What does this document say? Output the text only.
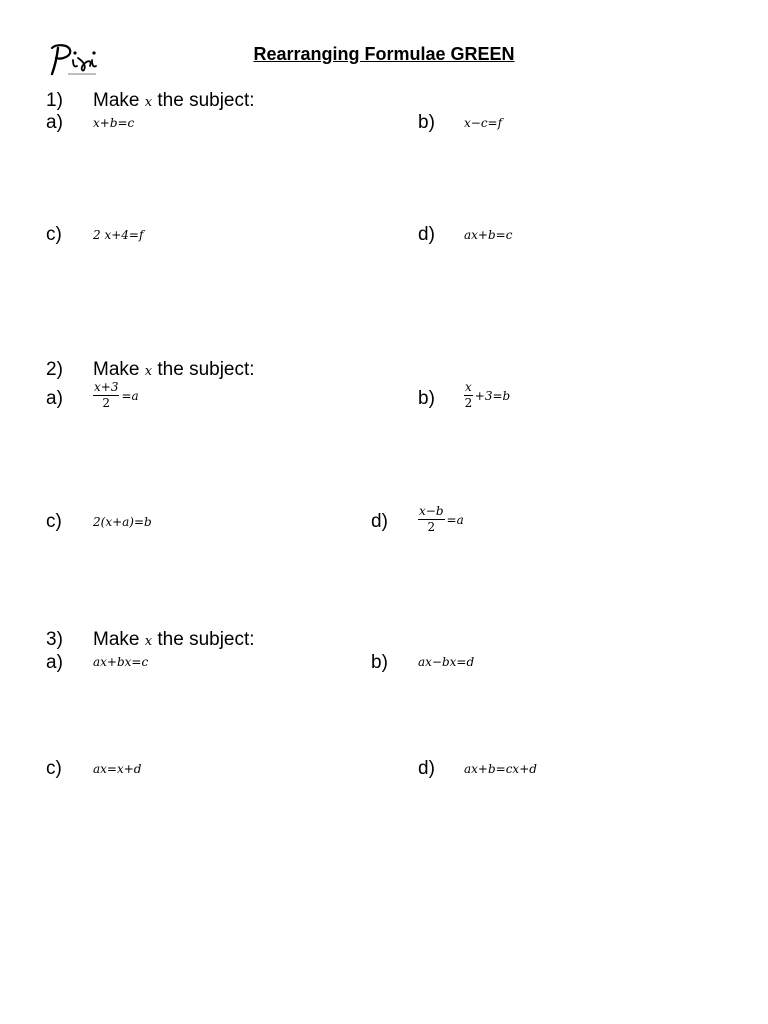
Rearranging Formulae GREEN
1) Make x the subject:
a)	x+b=c	b) x−c=f
c)	2 x+4=f	d) ax+b=c
2) Make x the subject:
a)	$\frac{x+3}{2} =a$	$b) \frac{x}{2} +3=b$
c)	2(x+a)=b	d)	$\frac{x-b}{2} =a$
3) Make x the subject:
a)	ax+bx=c	b)	ax−bx=d
c)	ax=x+d	d) ax+b=cx+d
